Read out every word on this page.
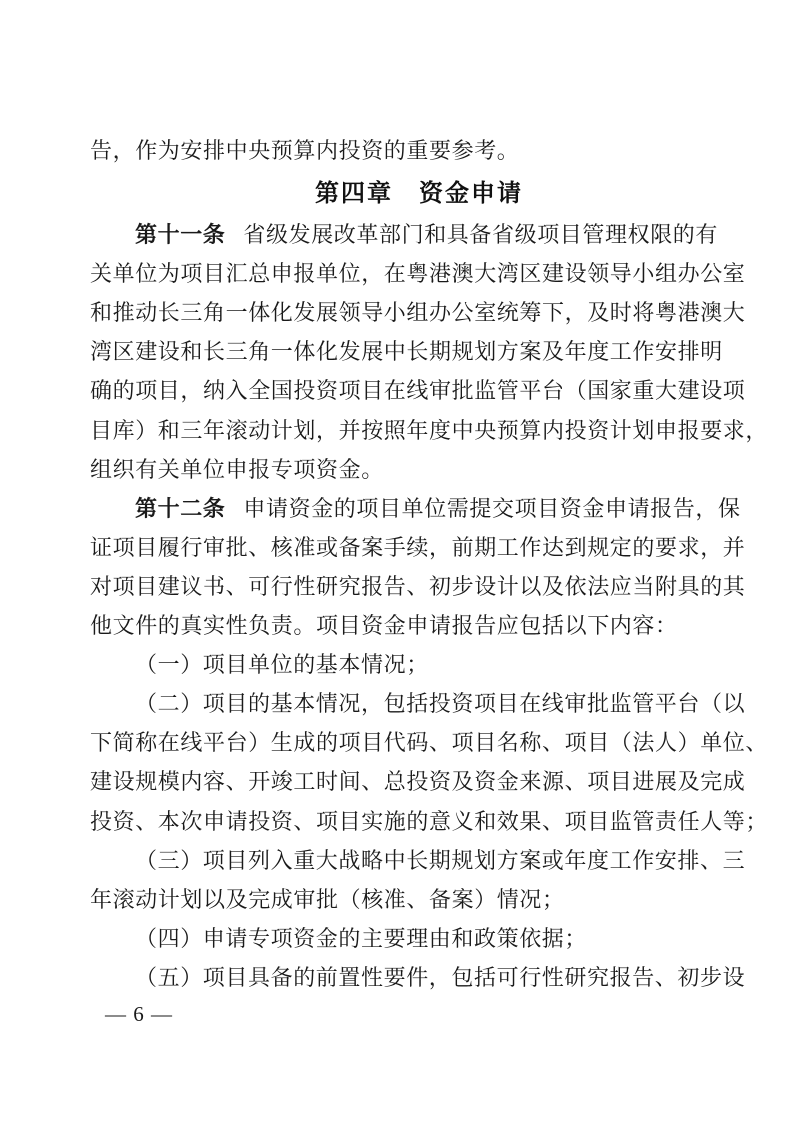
告，作为安排中央预算内投资的重要参考。
第四章　资金申请
第十一条 省级发展改革部门和具备省级项目管理权限的有
关单位为项目汇总申报单位，在粤港澳大湾区建设领导小组办公室
和推动长三角一体化发展领导小组办公室统筹下，及时将粤港澳大
湾区建设和长三角一体化发展中长期规划方案及年度工作安排明
确的项目，纳入全国投资项目在线审批监管平台（国家重大建设项
目库）和三年滚动计划，并按照年度中央预算内投资计划申报要求，
组织有关单位申报专项资金。
第十二条 申请资金的项目单位需提交项目资金申请报告，保
证项目履行审批、核准或备案手续，前期工作达到规定的要求，并
对项目建议书、可行性研究报告、初步设计以及依法应当附具的其
他文件的真实性负责。项目资金申请报告应包括以下内容：
（一）项目单位的基本情况；
（二）项目的基本情况，包括投资项目在线审批监管平台（以
下简称在线平台）生成的项目代码、项目名称、项目（法人）单位、
建设规模内容、开竣工时间、总投资及资金来源、项目进展及完成
投资、本次申请投资、项目实施的意义和效果、项目监管责任人等；
（三）项目列入重大战略中长期规划方案或年度工作安排、三
年滚动计划以及完成审批（核准、备案）情况；
（四）申请专项资金的主要理由和政策依据；
（五）项目具备的前置性要件，包括可行性研究报告、初步设
— 6 —
